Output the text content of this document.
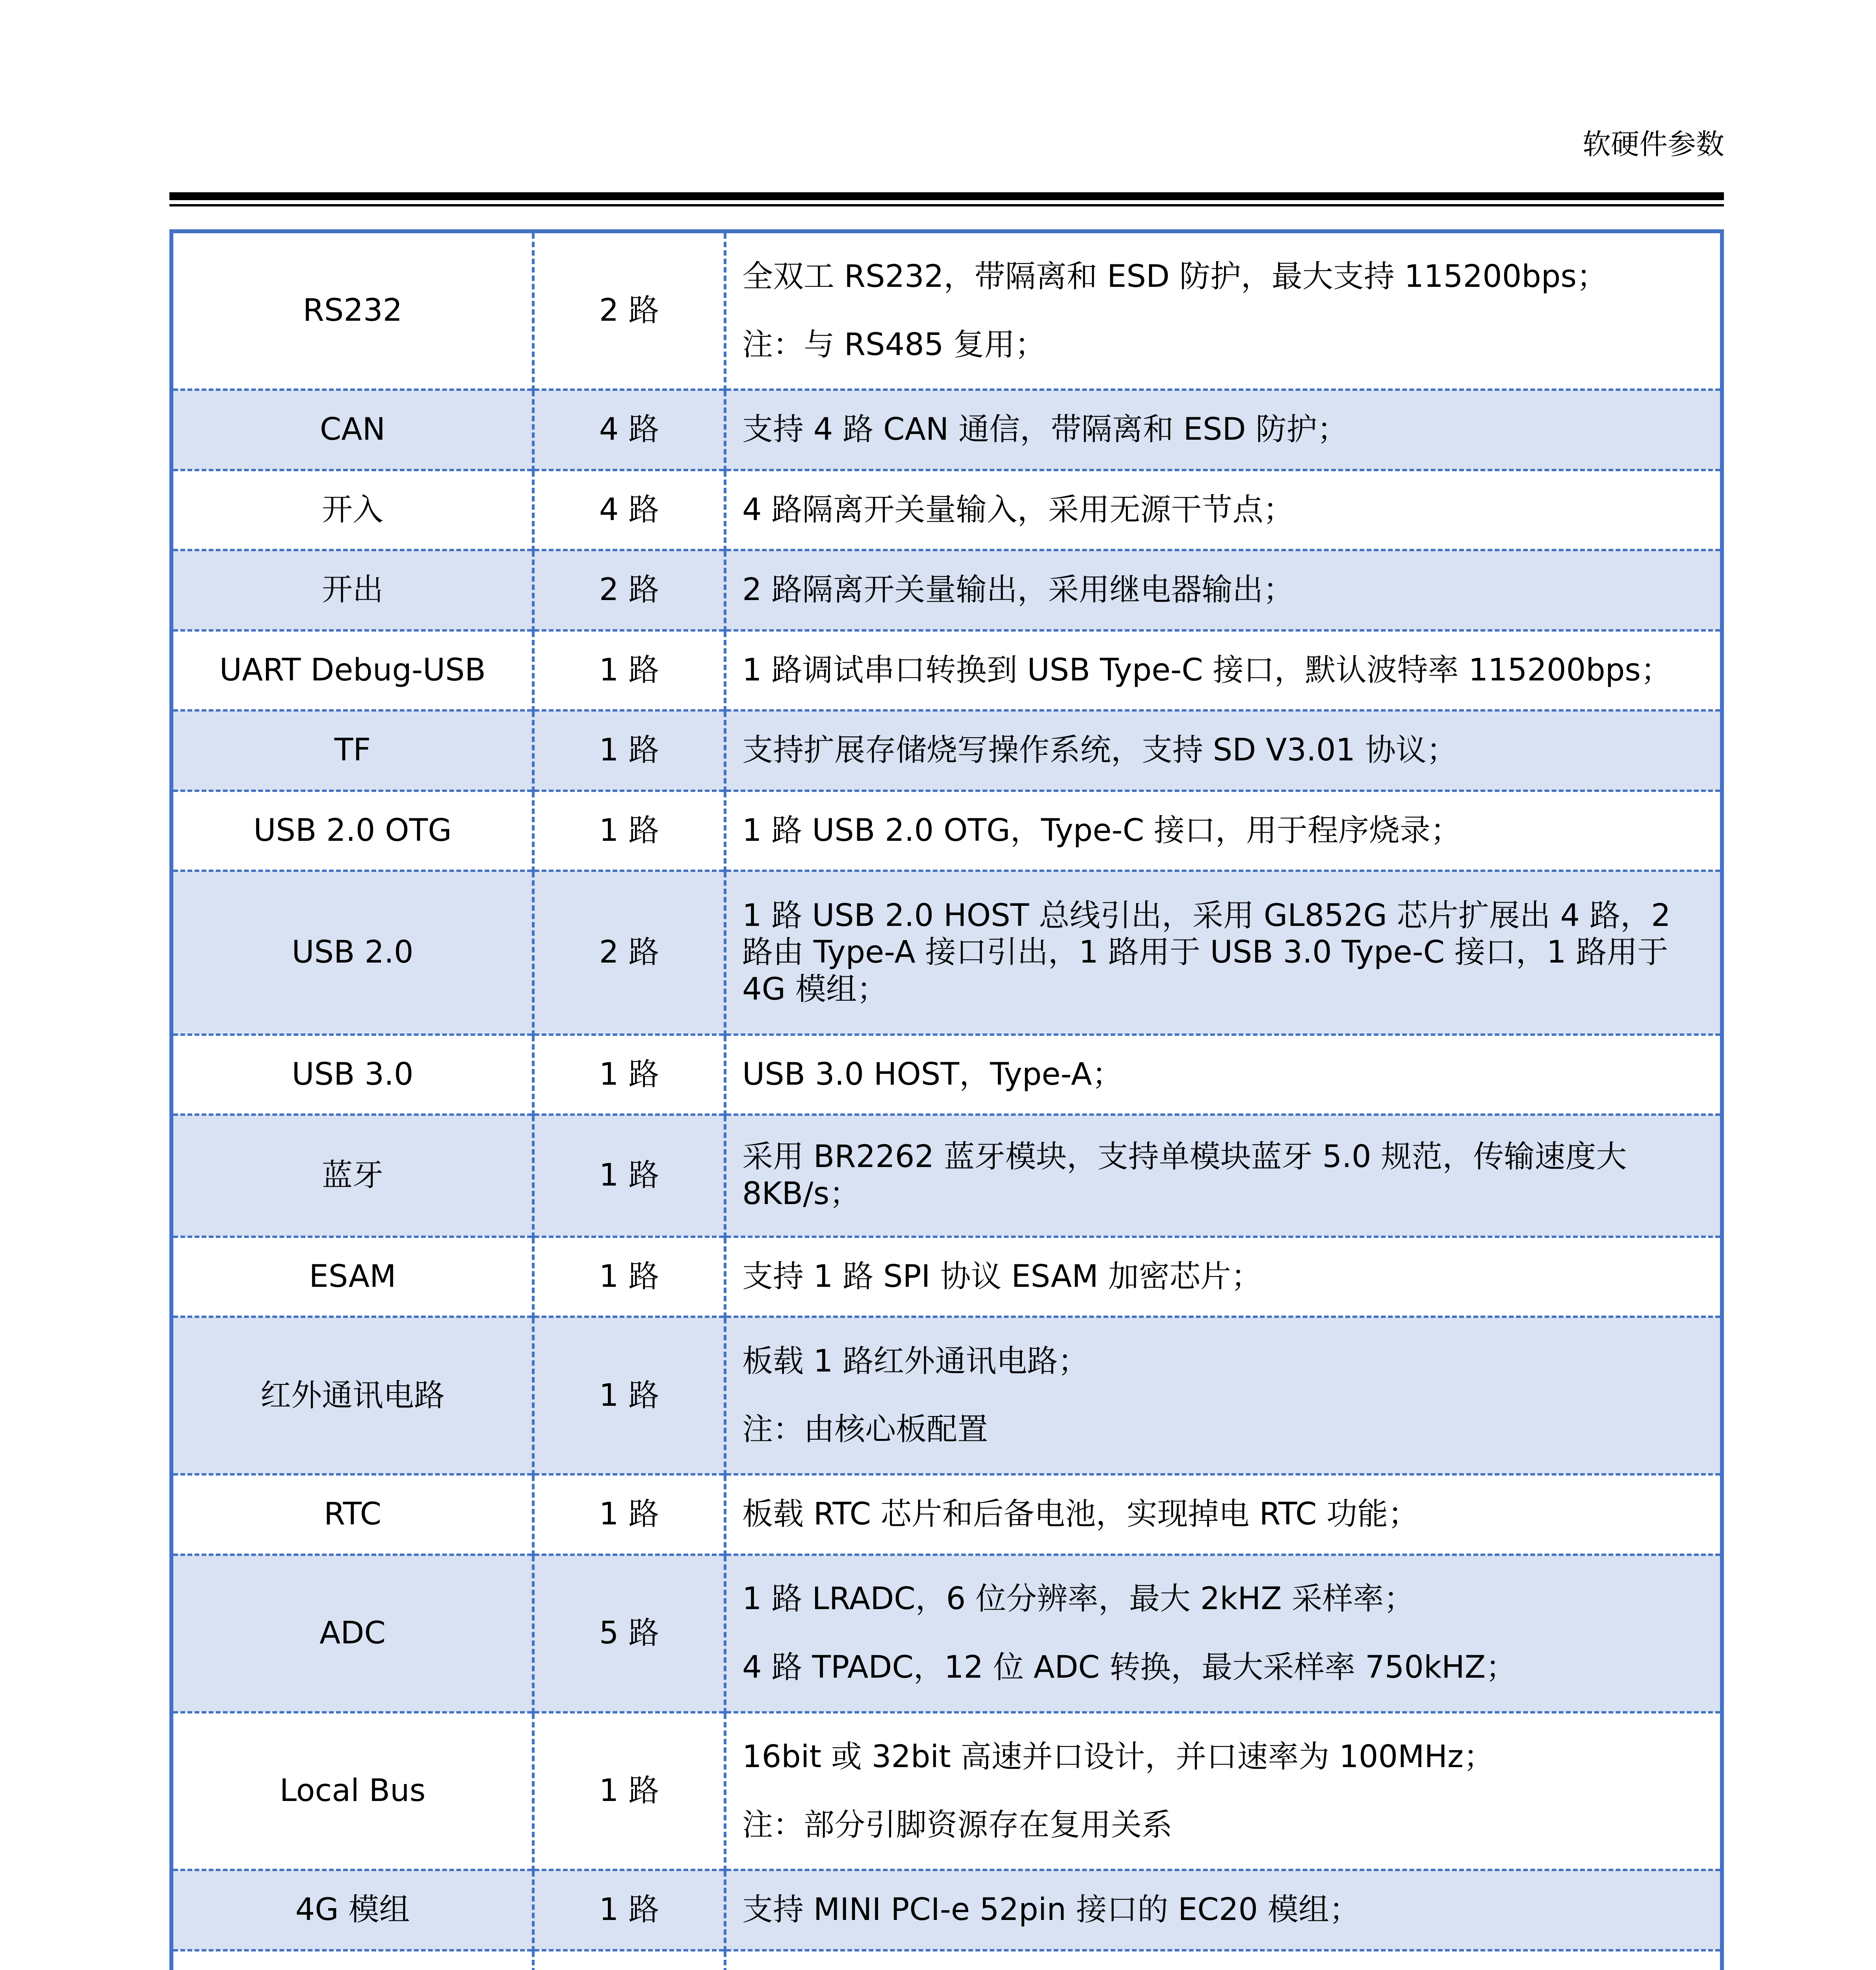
软硬件参数
RS232	2 路	全双工 RS232，带隔离和 ESD 防护，最大支持 115200bps；
注：与 RS485 复用；

CAN	4 路	支持 4 路 CAN 通信，带隔离和 ESD 防护；

开入	4 路	4 路隔离开关量输入，采用无源干节点；

开出	2 路	2 路隔离开关量输出，采用继电器输出；

UART Debug-USB	1 路	1 路调试串口转换到 USB Type-C 接口，默认波特率 115200bps；

TF	1 路	支持扩展存储烧写操作系统，支持 SD V3.01 协议；

USB 2.0 OTG	1 路	1 路 USB 2.0 OTG，Type-C 接口，用于程序烧录；

USB 2.0	2 路	1 路 USB 2.0 HOST 总线引出，采用 GL852G 芯片扩展出 4 路，2 路由 Type-A 接口引出，1 路用于 USB 3.0 Type-C 接口，1 路用于 4G 模组；

USB 3.0	1 路	USB 3.0 HOST，Type-A；

蓝牙	1 路	采用 BR2262 蓝牙模块，支持单模块蓝牙 5.0 规范，传输速度大 8KB/s；

ESAM	1 路	支持 1 路 SPI 协议 ESAM 加密芯片；

红外通讯电路	1 路	板载 1 路红外通讯电路；
注：由核心板配置

RTC	1 路	板载 RTC 芯片和后备电池，实现掉电 RTC 功能；

ADC	5 路	1 路 LRADC，6 位分辨率，最大 2kHZ 采样率；
4 路 TPADC，12 位 ADC 转换，最大采样率 750kHZ；

Local Bus	1 路	16bit 或 32bit 高速并口设计，并口速率为 100MHz；
注：部分引脚资源存在复用关系

4G 模组	1 路	支持 MINI PCI-e 52pin 接口的 EC20 模组；
